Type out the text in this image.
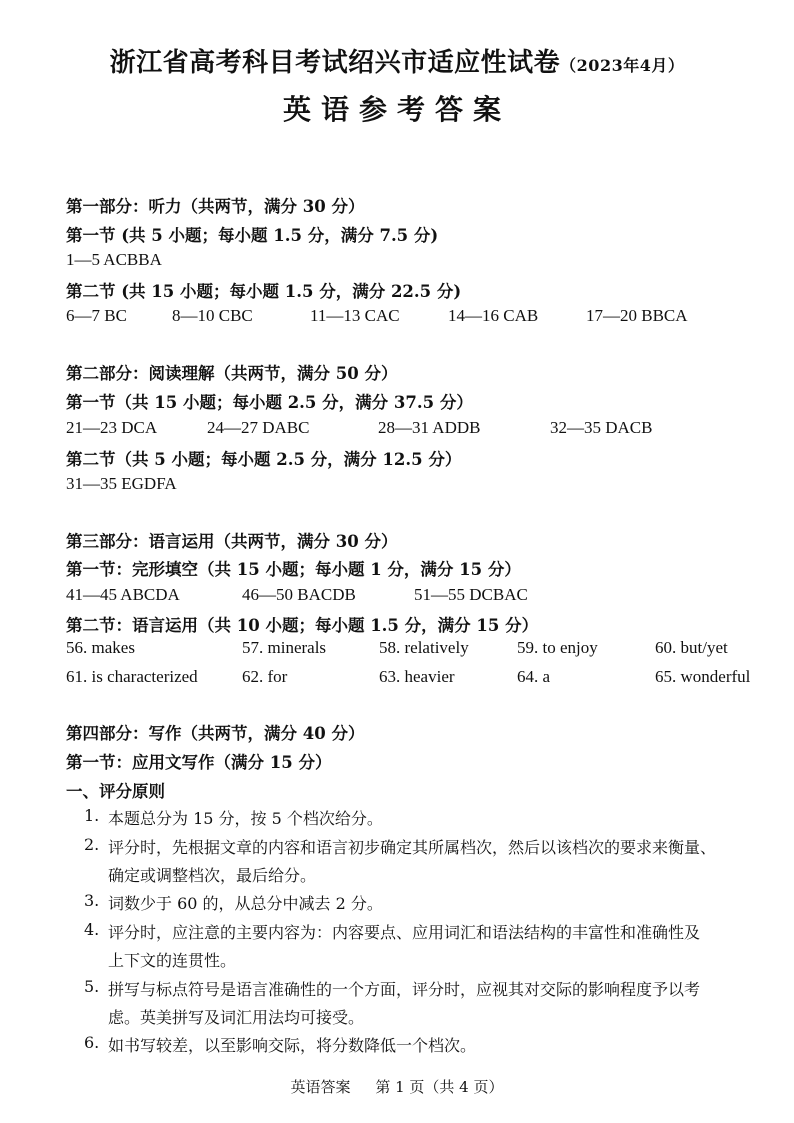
浙江省高考科目考试绍兴市适应性试卷（2023年4月）
英语参考答案
第一部分：听力（共两节，满分 30 分）
第一节 (共 5 小题；每小题 1.5 分，满分 7.5 分)
1—5 ACBBA
第二节 (共 15 小题；每小题 1.5 分，满分 22.5 分)
6—7 BC	8—10 CBC	11—13 CAC	14—16 CAB	17—20 BBCA
第二部分：阅读理解（共两节，满分 50 分）
第一节（共 15 小题；每小题 2.5 分，满分 37.5 分）
21—23 DCA	24—27 DABC	28—31 ADDB	32—35 DACB
第二节（共 5 小题；每小题 2.5 分，满分 12.5 分）
31—35 EGDFA
第三部分：语言运用（共两节，满分 30 分）
第一节：完形填空（共 15 小题；每小题 1 分，满分 15 分）
41—45 ABCDA	46—50 BACDB	51—55 DCBAC
第二节：语言运用（共 10 小题；每小题 1.5 分，满分 15 分）
56. makes	57. minerals	58. relatively	59. to enjoy	60. but/yet
61. is characterized	62. for	63. heavier	64. a	65. wonderful
第四部分：写作（共两节，满分 40 分）
第一节：应用文写作（满分 15 分）
一、评分原则
1. 本题总分为 15 分，按 5 个档次给分。
2. 评分时，先根据文章的内容和语言初步确定其所属档次，然后以该档次的要求来衡量、
确定或调整档次，最后给分。
3. 词数少于 60 的，从总分中减去 2 分。
4. 评分时，应注意的主要内容为：内容要点、应用词汇和语法结构的丰富性和准确性及
上下文的连贯性。
5. 拼写与标点符号是语言准确性的一个方面，评分时，应视其对交际的影响程度予以考
虑。英美拼写及词汇用法均可接受。
6. 如书写较差，以至影响交际，将分数降低一个档次。
英语答案 第 1 页（共 4 页）
